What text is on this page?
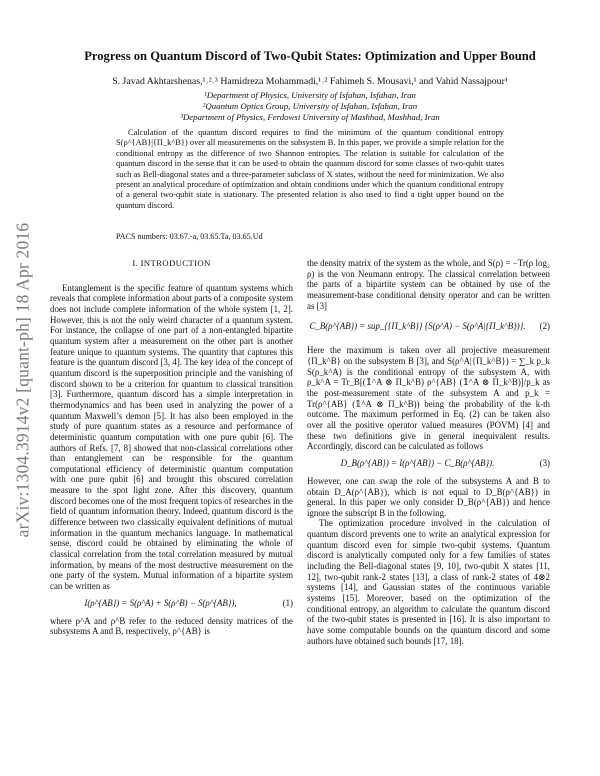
arXiv:1304.3914v2 [quant-ph] 18 Apr 2016
Progress on Quantum Discord of Two-Qubit States: Optimization and Upper Bound
S. Javad Akhtarshenas,¹˒²˒³ Hamidreza Mohammadi,¹˒² Fahimeh S. Mousavi,¹ and Vahid Nassajpour¹
¹Department of Physics, University of Isfahan, Isfahan, Iran
²Quantum Optics Group, University of Isfahan, Isfahan, Iran
³Department of Physics, Ferdowsi University of Mashhad, Mashhad, Iran
Calculation of the quantum discord requires to find the minimum of the quantum conditional entropy S(ρ^{AB}|{Π_k^B}) over all measurements on the subsystem B. In this paper, we provide a simple relation for the conditional entropy as the difference of two Shannon entropies. The relation is suitable for calculation of the quantum discord in the sense that it can be used to obtain the quantum discord for some classes of two-qubit states such as Bell-diagonal states and a three-parameter subclass of X states, without the need for minimization. We also present an analytical procedure of optimization and obtain conditions under which the quantum conditional entropy of a general two-qubit state is stationary. The presented relation is also used to find a tight upper bound on the quantum discord.
PACS numbers: 03.67.-a, 03.65.Ta, 03.65.Ud
I. INTRODUCTION

Entanglement is the specific feature of quantum systems which reveals that complete information about parts of a composite system does not include complete information of the whole system [1, 2]. However, this is not the only weird character of a quantum system. For instance, the collapse of one part of a non-entangled bipartite quantum system after a measurement on the other part is another feature unique to quantum systems. The quantity that captures this feature is the quantum discord [3, 4]. The key idea of the concept of quantum discord is the superposition principle and the vanishing of discord shown to be a criterion for quantum to classical transition [3]. Furthermore, quantum discord has a simple interpretation in thermodynamics and has been used in analyzing the power of a quantum Maxwell’s demon [5]. It has also been employed in the study of pure quantum states as a resource and performance of deterministic quantum computation with one pure qubit [6]. The authors of Refs. [7, 8] showed that non-classical correlations other than entanglement can be responsible for the quantum computational efficiency of deterministic quantum computation with one pure qubit [6] and brought this obscured correlation measure to the spot light zone. After this discovery, quantum discord becomes one of the most frequent topics of researches in the field of quantum information theory. Indeed, quantum discord is the difference between two classically equivalent definitions of mutual information in the quantum mechanics language. In mathematical sense, discord could be obtained by eliminating the whole of classical correlation from the total correlation measured by mutual information, by means of the most destructive measurement on the one party of the system. Mutual information of a bipartite system can be written as

I(ρ^{AB}) = S(ρ^A) + S(ρ^B) − S(ρ^{AB}),	(1)

where ρ^A and ρ^B refer to the reduced density matrices of the subsystems A and B, respectively, ρ^{AB} is

the density matrix of the system as the whole, and S(ρ) = −Tr(ρ log₂ ρ) is the von Neumann entropy. The classical correlation between the parts of a bipartite system can be obtained by use of the measurement-base conditional density operator and can be written as [3]

C_B(ρ^{AB}) = sup_{{Π_k^B}} {S(ρ^A) − S(ρ^A|{Π_k^B})}. (2)

Here the maximum is taken over all projective measurement {Π_k^B} on the subsystem B [3], and S(ρ^A|{Π_k^B}) = ∑_k p_k S(ρ_k^A) is the conditional entropy of the subsystem A, with ρ_k^A = Tr_B[(𝟙^A ⊗ Π_k^B) ρ^{AB} (𝟙^A ⊗ Π_k^B)]/p_k as the post-measurement state of the subsystem A and p_k = Tr(ρ^{AB} (𝟙^A ⊗ Π_k^B)) being the probability of the k-th outcome. The maximum performed in Eq. (2) can be taken also over all the positive operator valued measures (POVM) [4] and these two definitions give in general inequivalent results. Accordingly, discord can be calculated as follows

D_B(ρ^{AB}) = I(ρ^{AB}) − C_B(ρ^{AB}).	(3)

However, one can swap the role of the subsystems A and B to obtain D_A(ρ^{AB}), which is not equal to D_B(ρ^{AB}) in general. In this paper we only consider D_B(ρ^{AB}) and hence ignore the subscript B in the following.

The optimization procedure involved in the calculation of quantum discord prevents one to write an analytical expression for quantum discord even for simple two-qubit systems. Quantum discord is analytically computed only for a few families of states including the Bell-diagonal states [9, 10], two-qubit X states [11, 12], two-qubit rank-2 states [13], a class of rank-2 states of 4⊗2 systems [14], and Gaussian states of the continuous variable systems [15]. Moreover, based on the optimization of the conditional entropy, an algorithm to calculate the quantum discord of the two-qubit states is presented in [16]. It is also important to have some computable bounds on the quantum discord and some authors have obtained such bounds [17, 18].
